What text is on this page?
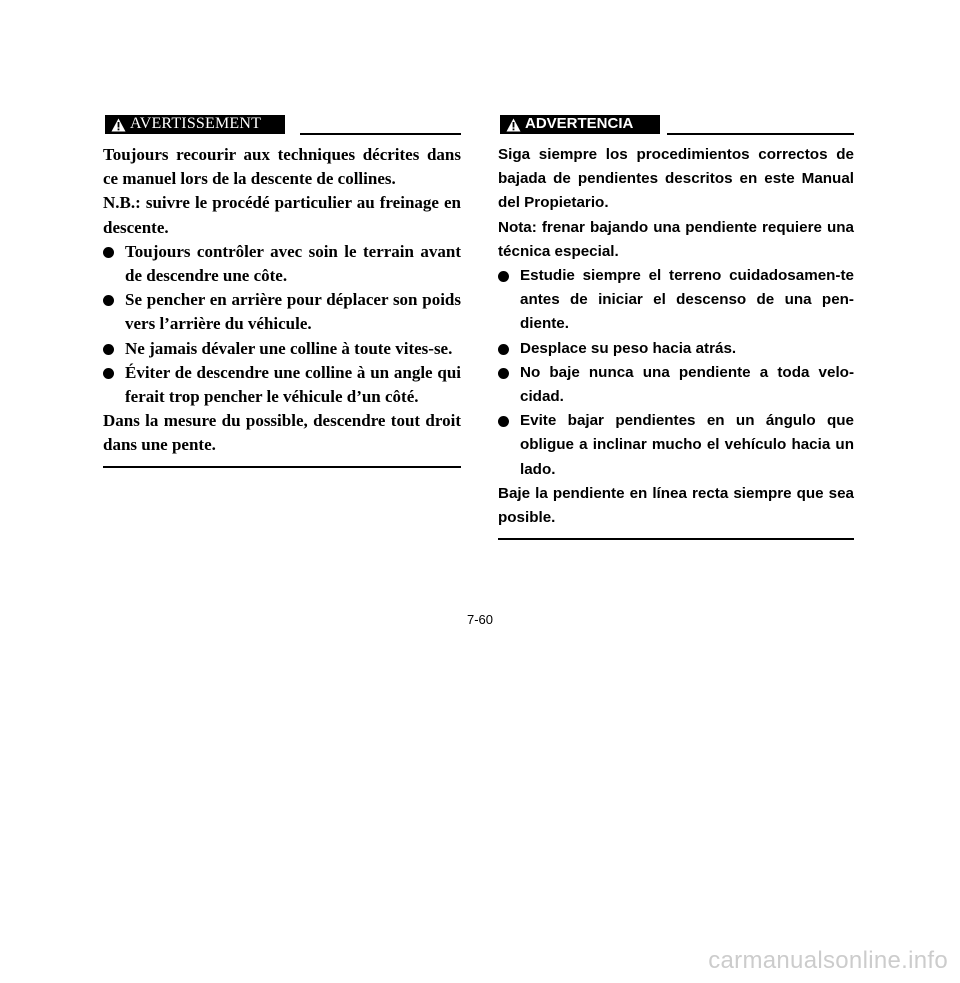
AVERTISSEMENT

Toujours recourir aux techniques décrites dans ce manuel lors de la descente de collines.

N.B.: suivre le procédé particulier au freinage en descente.

Toujours contrôler avec soin le terrain avant de descendre une côte.
Se pencher en arrière pour déplacer son poids vers l’arrière du véhicule.
Ne jamais dévaler une colline à toute vites-se.
Éviter de descendre une colline à un angle qui ferait trop pencher le véhicule d’un côté.

Dans la mesure du possible, descendre tout droit dans une pente.

ADVERTENCIA

Siga siempre los procedimientos correctos de bajada de pendientes descritos en este Manual del Propietario.

Nota: frenar bajando una pendiente requiere una técnica especial.

Estudie siempre el terreno cuidadosamen-te antes de iniciar el descenso de una pen-diente.
Desplace su peso hacia atrás.
No baje nunca una pendiente a toda velo-cidad.
Evite bajar pendientes en un ángulo que obligue a inclinar mucho el vehículo hacia un lado.

Baje la pendiente en línea recta siempre que sea posible.

7-60
carmanualsonline.info
